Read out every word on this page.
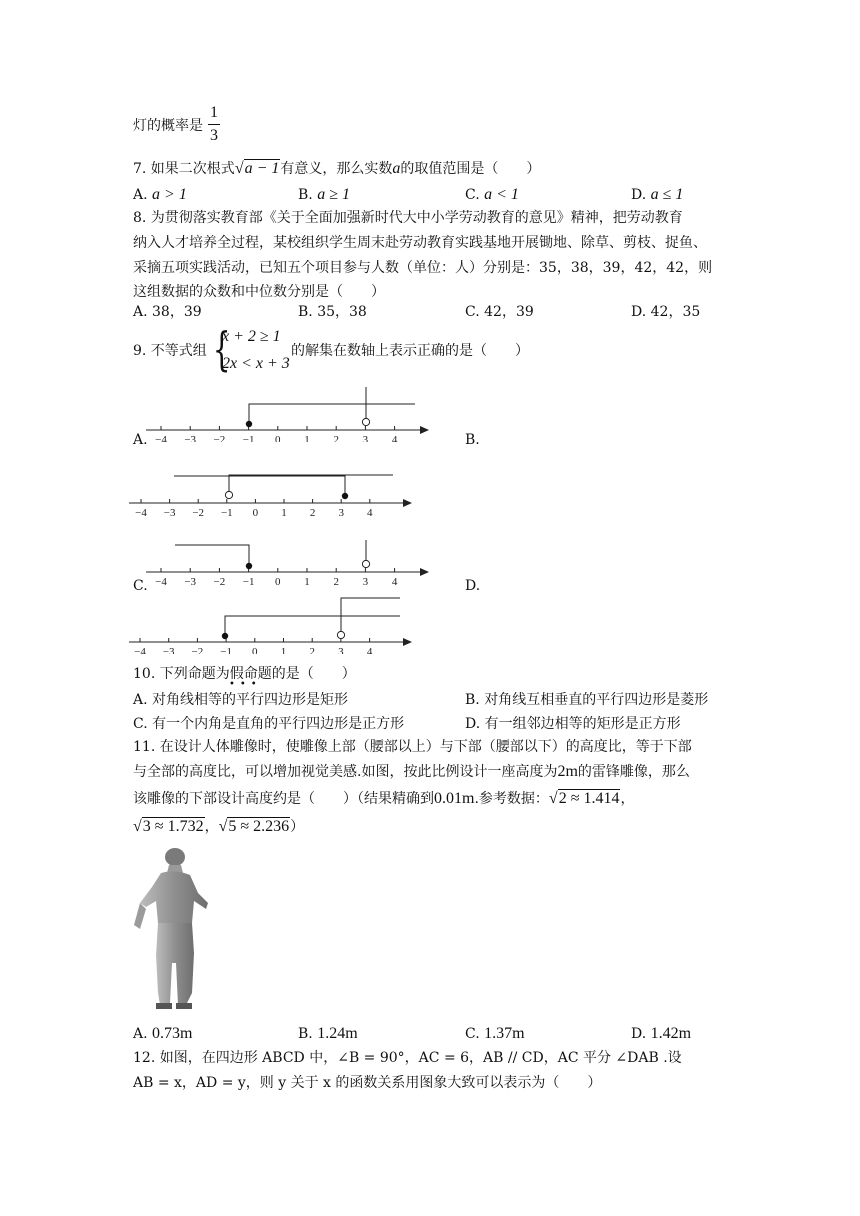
灯的概率是
1
3
7. 如果二次根式√a − 1有意义，那么实数a的取值范围是（　　）
A. a > 1	B. a ≥ 1	C. a < 1	D. a ≤ 1
8. 为贯彻落实教育部《关于全面加强新时代大中小学劳动教育的意见》精神，把劳动教育
纳入人才培养全过程，某校组织学生周末赴劳动教育实践基地开展锄地、除草、剪枝、捉鱼、
采摘五项实践活动，已知五个项目参与人数（单位：人）分别是：35，38，39，42，42，则
这组数据的众数和中位数分别是（　　）
A. 38，39	B. 35，38	C. 42，39	D. 42，35
9. 不等式组 {
x + 2 ≥ 1
2x < x + 3
的解集在数轴上表示正确的是（　　）
−4 −3 −2 −1 0 1 2 3 4
A.	B.
−4 −3 −2 −1 0 1 2 3 4
−4 −3 −2 −1 0 1 2 3 4
C.	D.
−4 −3 −2 −1 0 1 2 3 4
10. 下列命题为假命题的是（　　）
•••
A. 对角线相等的平行四边形是矩形	B. 对角线互相垂直的平行四边形是菱形
C. 有一个内角是直角的平行四边形是正方形	D. 有一组邻边相等的矩形是正方形
11. 在设计人体雕像时，使雕像上部（腰部以上）与下部（腰部以下）的高度比，等于下部
与全部的高度比，可以增加视觉美感.如图，按此比例设计一座高度为2m的雷锋雕像，那么
该雕像的下部设计高度约是（　　）（结果精确到0.01m.参考数据：√2 ≈ 1.414，
√3 ≈ 1.732，√5 ≈ 2.236）
A. 0.73m	B. 1.24m	C. 1.37m	D. 1.42m
12. 如图，在四边形 ABCD 中，∠B = 90°，AC = 6，AB // CD，AC 平分 ∠DAB .设
AB = x，AD = y，则 y 关于 x 的函数关系用图象大致可以表示为（　　）
